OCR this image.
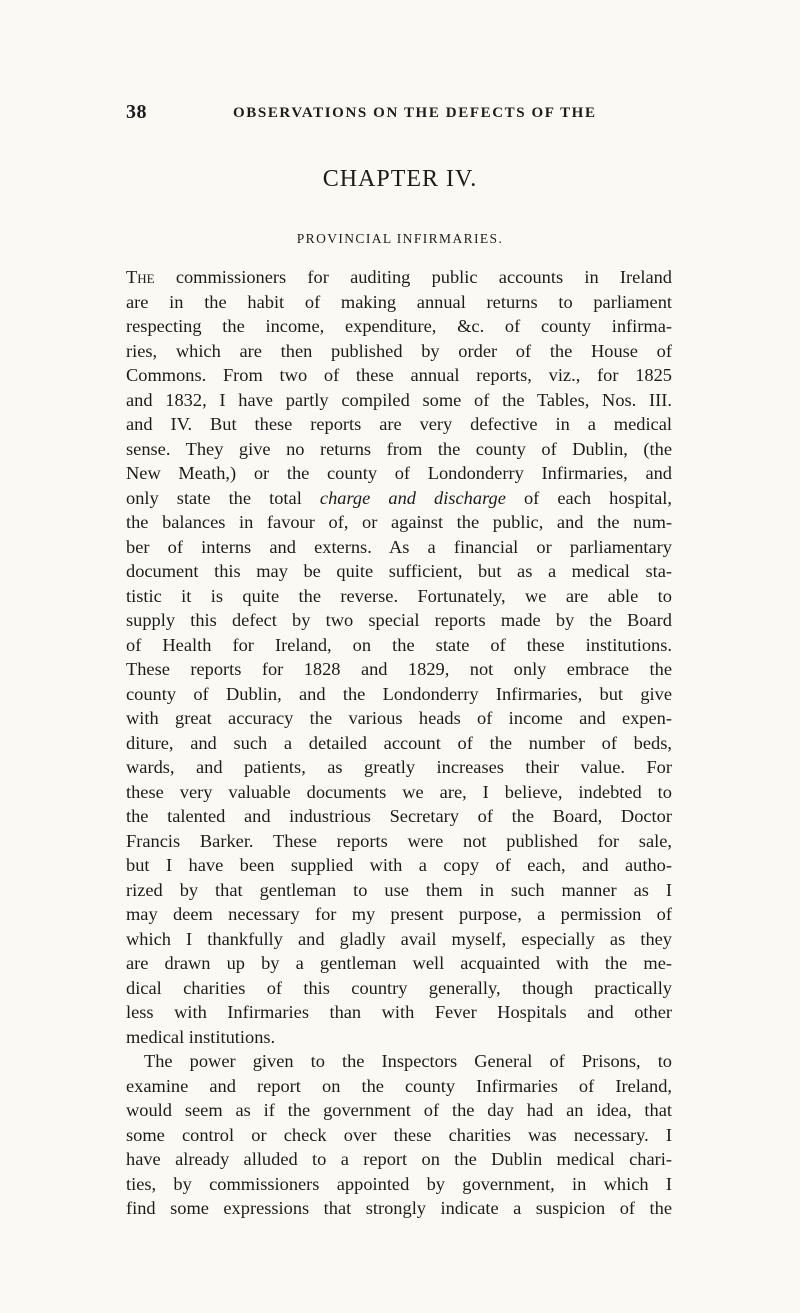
38	OBSERVATIONS ON THE DEFECTS OF THE
CHAPTER IV.
PROVINCIAL INFIRMARIES.
The commissioners for auditing public accounts in Ireland
are in the habit of making annual returns to parliament
respecting the income, expenditure, &c. of county infirma-
ries, which are then published by order of the House of
Commons. From two of these annual reports, viz., for 1825
and 1832, I have partly compiled some of the Tables, Nos. III.
and IV. But these reports are very defective in a medical
sense. They give no returns from the county of Dublin, (the
New Meath,) or the county of Londonderry Infirmaries, and
only state the total charge and discharge of each hospital,
the balances in favour of, or against the public, and the num-
ber of interns and externs. As a financial or parliamentary
document this may be quite sufficient, but as a medical sta-
tistic it is quite the reverse. Fortunately, we are able to
supply this defect by two special reports made by the Board
of Health for Ireland, on the state of these institutions.
These reports for 1828 and 1829, not only embrace the
county of Dublin, and the Londonderry Infirmaries, but give
with great accuracy the various heads of income and expen-
diture, and such a detailed account of the number of beds,
wards, and patients, as greatly increases their value. For
these very valuable documents we are, I believe, indebted to
the talented and industrious Secretary of the Board, Doctor
Francis Barker. These reports were not published for sale,
but I have been supplied with a copy of each, and autho-
rized by that gentleman to use them in such manner as I
may deem necessary for my present purpose, a permission of
which I thankfully and gladly avail myself, especially as they
are drawn up by a gentleman well acquainted with the me-
dical charities of this country generally, though practically
less with Infirmaries than with Fever Hospitals and other
medical institutions.
The power given to the Inspectors General of Prisons, to
examine and report on the county Infirmaries of Ireland,
would seem as if the government of the day had an idea, that
some control or check over these charities was necessary. I
have already alluded to a report on the Dublin medical chari-
ties, by commissioners appointed by government, in which I
find some expressions that strongly indicate a suspicion of the
